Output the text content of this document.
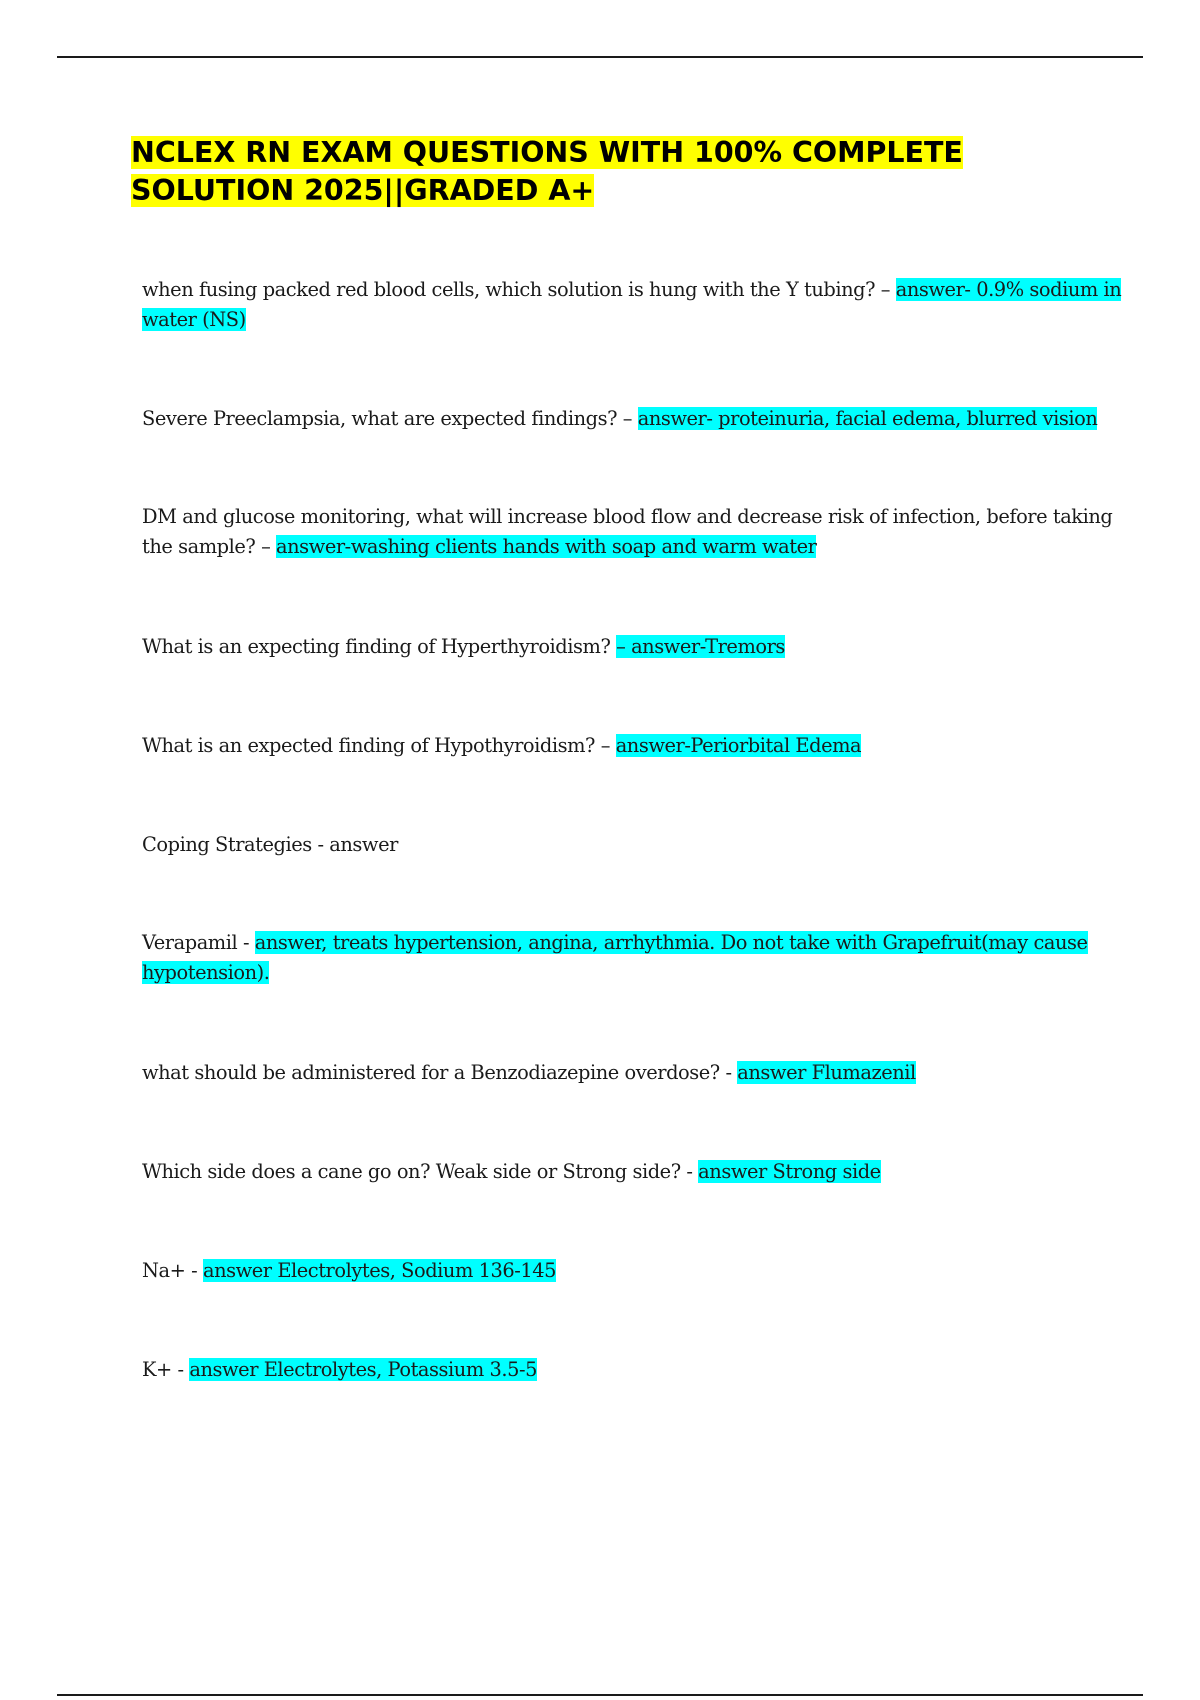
NCLEX RN EXAM QUESTIONS WITH 100% COMPLETE SOLUTION 2025||GRADED A+
when fusing packed red blood cells, which solution is hung with the Y tubing? – answer- 0.9% sodium in water (NS)
Severe Preeclampsia, what are expected findings? – answer- proteinuria, facial edema, blurred vision
DM and glucose monitoring, what will increase blood flow and decrease risk of infection, before taking the sample? – answer-washing clients hands with soap and warm water
What is an expecting finding of Hyperthyroidism? – answer-Tremors
What is an expected finding of Hypothyroidism? – answer-Periorbital Edema
Coping Strategies - answer
Verapamil - answer, treats hypertension, angina, arrhythmia. Do not take with Grapefruit(may cause hypotension).
what should be administered for a Benzodiazepine overdose? - answer Flumazenil
Which side does a cane go on? Weak side or Strong side? - answer Strong side
Na+ - answer Electrolytes, Sodium 136-145
K+ - answer Electrolytes, Potassium 3.5-5
